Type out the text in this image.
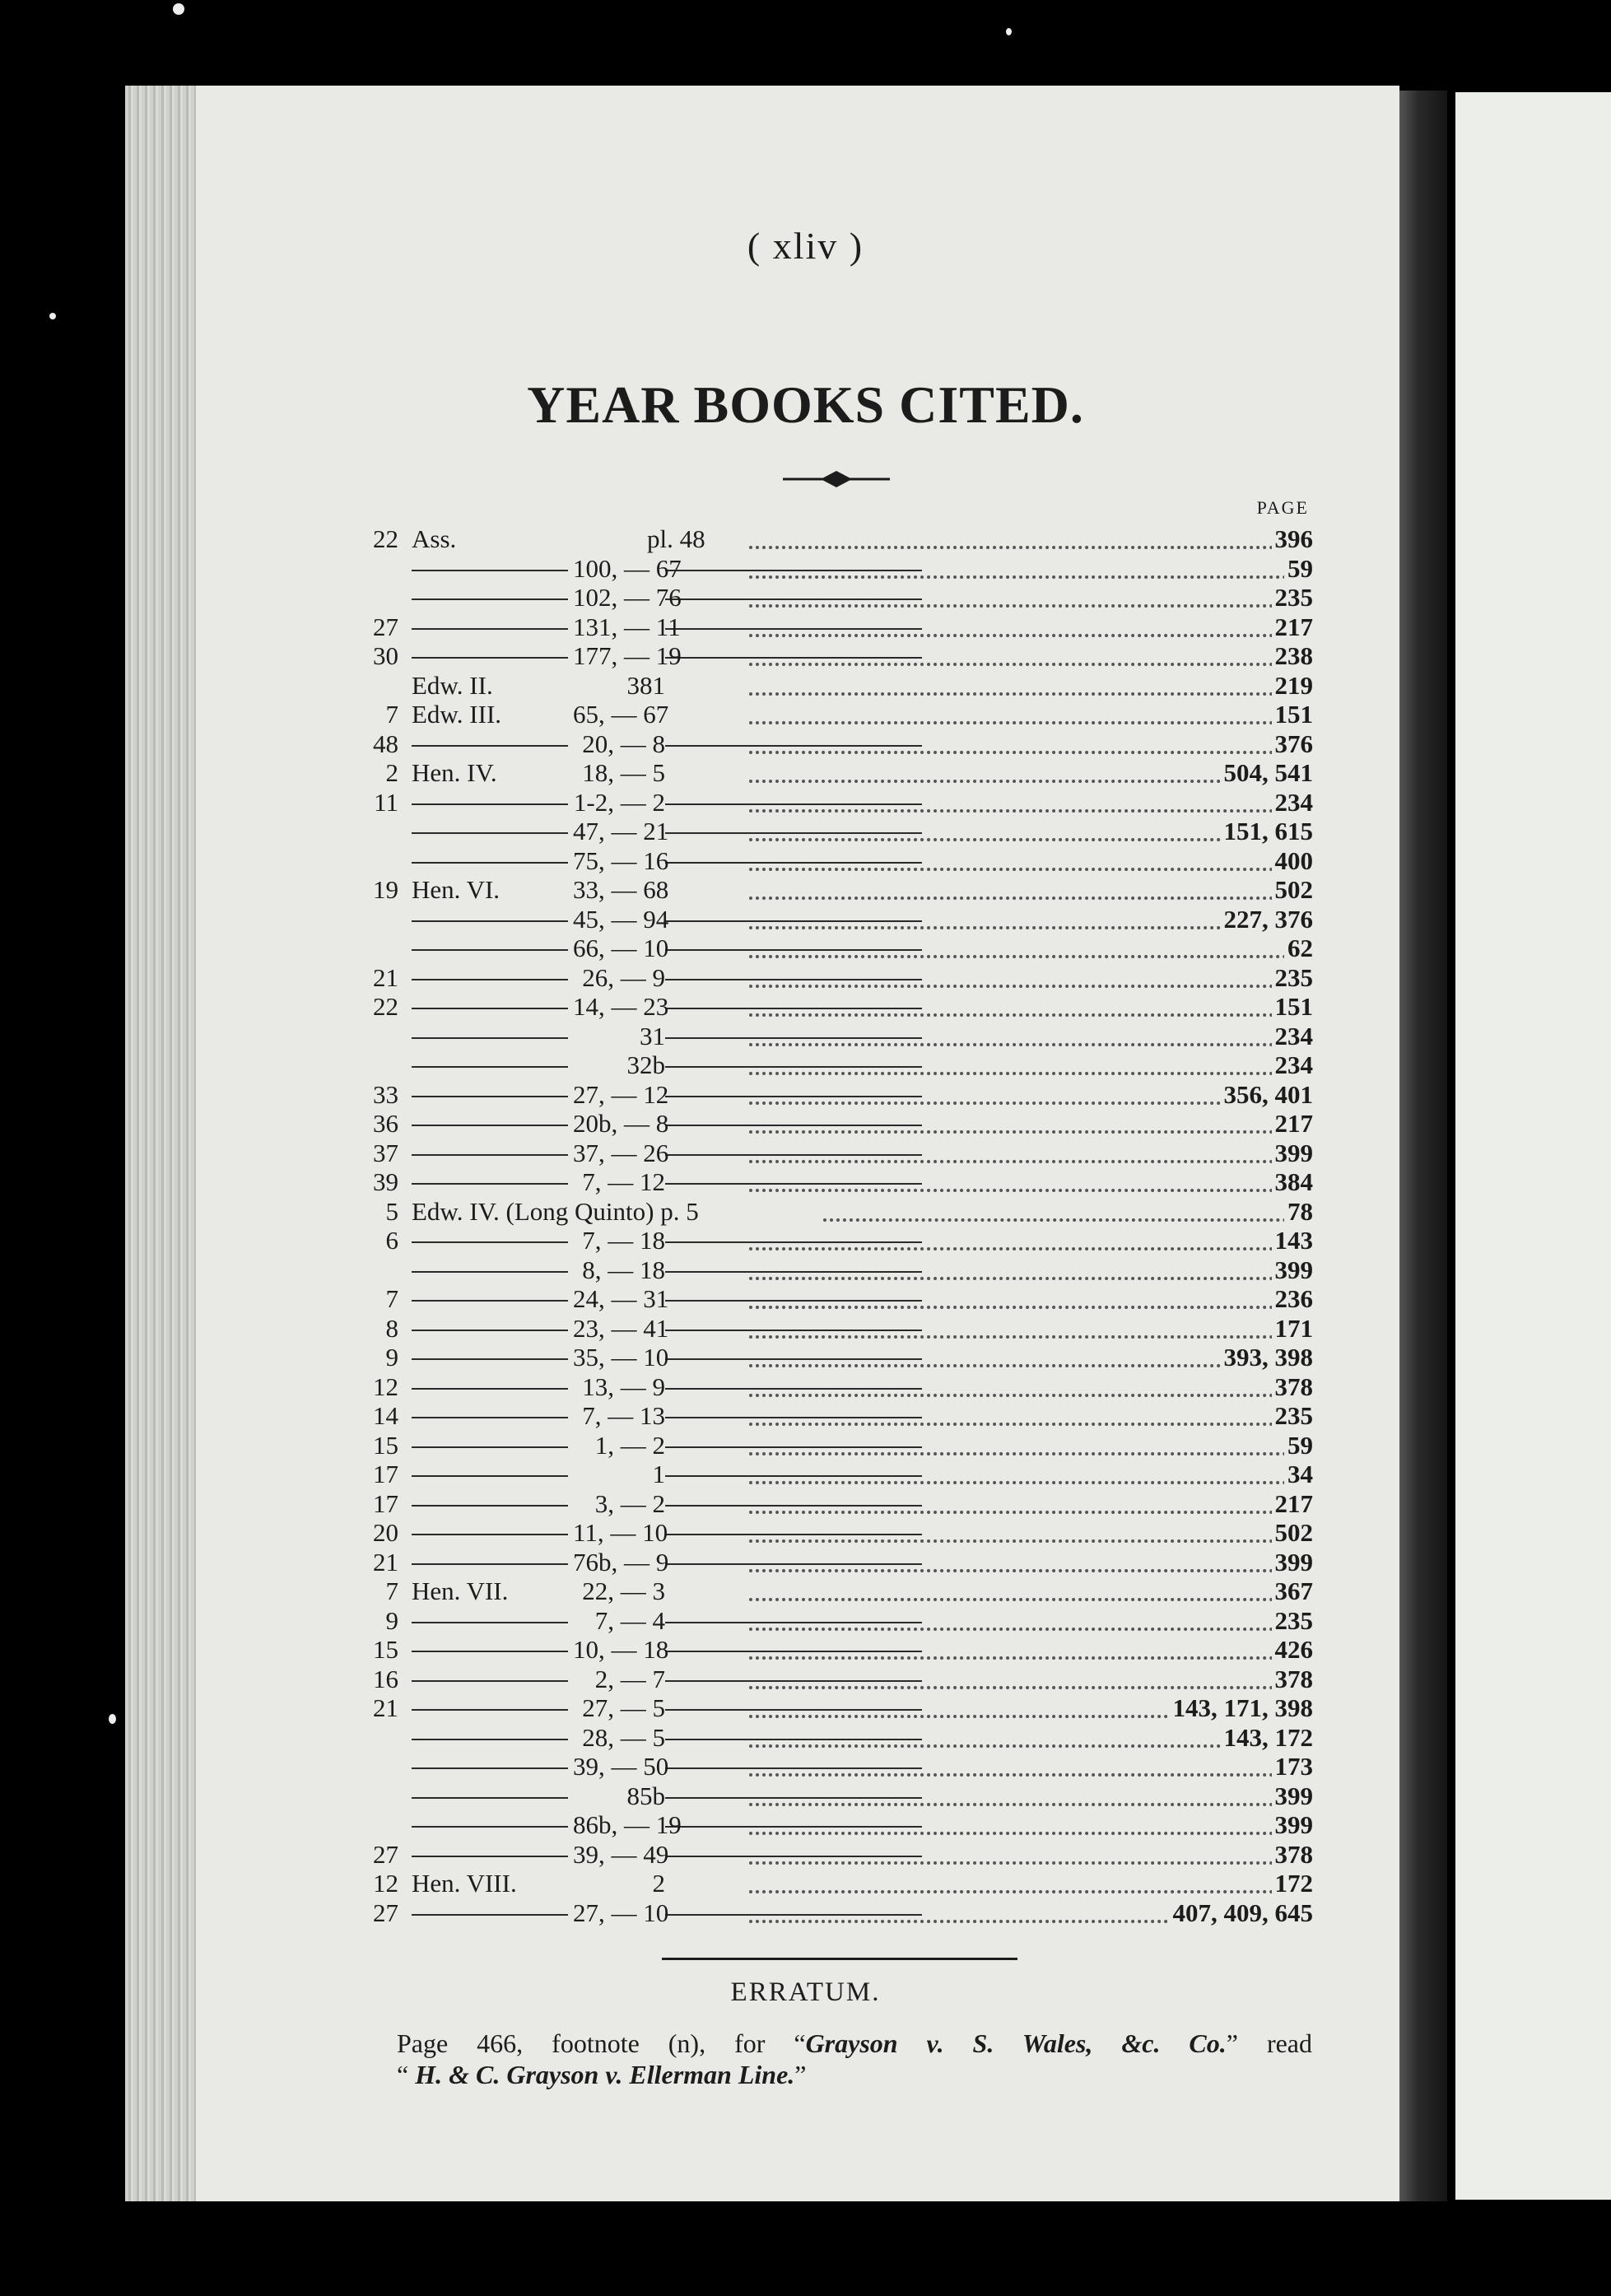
( xliv )
YEAR BOOKS CITED.
PAGE
22 Ass.	pl. 48	396
100, — 67	59
102, — 76	235
27	131, — 11	217
30	177, — 19	238
Edw. II.	381	219
7 Edw. III.	65, — 67	151
48	20, — 8	376
2 Hen. IV.	18, — 5	504, 541
11	1-2, — 2	234
47, — 21	151, 615
75, — 16	400
19 Hen. VI.	33, — 68	502
45, — 94	227, 376
66, — 10	62
21	26, — 9	235
22	14, — 23	151
31	234
32b	234
33	27, — 12	356, 401
36	20b, — 8	217
37	37, — 26	399
39	7, — 12	384
5 Edw. IV. (Long Quinto) p. 5	78
6	7, — 18	143
8, — 18	399
7	24, — 31	236
8	23, — 41	171
9	35, — 10	393, 398
12	13, — 9	378
14	7, — 13	235
15	1, — 2	59
17	1	34
17	3, — 2	217
20	11, — 10	502
21	76b, — 9	399
7 Hen. VII.	22, — 3	367
9	7, — 4	235
15	10, — 18	426
16	2, — 7	378
21	27, — 5	143, 171, 398
28, — 5	143, 172
39, — 50	173
85b	399
86b, — 19	399
27	39, — 49	378
12 Hen. VIII.	2	172
27	27, — 10	407, 409, 645
ERRATUM.
Page 466, footnote (n), for “Grayson v. S. Wales, &c. Co.” read
“ H. & C. Grayson v. Ellerman Line.”
